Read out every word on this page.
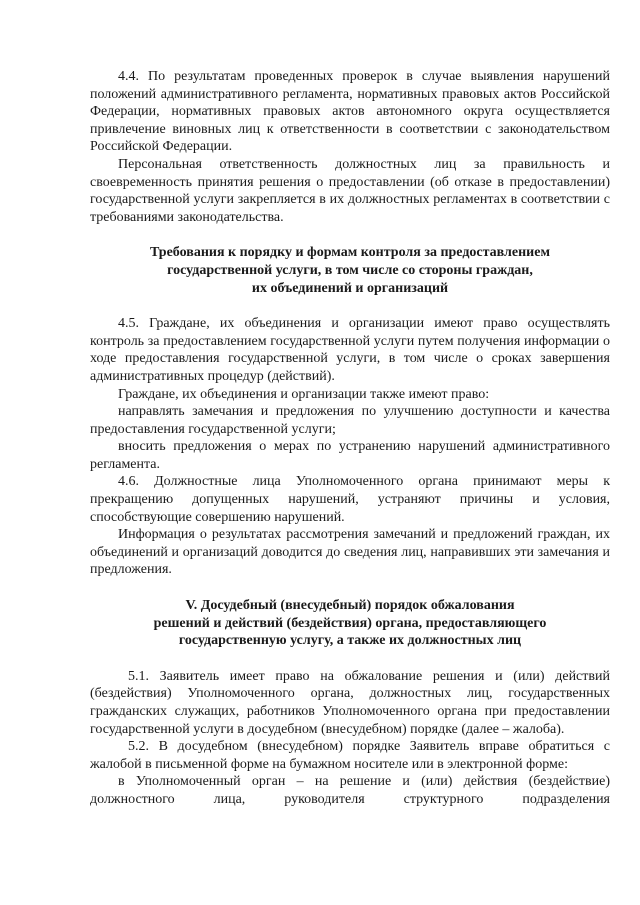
4.4. По результатам проведенных проверок в случае выявления нарушений положений административного регламента, нормативных правовых актов Российской Федерации, нормативных правовых актов автономного округа осуществляется привлечение виновных лиц к ответственности в соответствии с законодательством Российской Федерации.

Персональная ответственность должностных лиц за правильность и своевременность принятия решения о предоставлении (об отказе в предоставлении) государственной услуги закрепляется в их должностных регламентах в соответствии с требованиями законодательства.

Требования к порядку и формам контроля за предоставлением

государственной услуги, в том числе со стороны граждан,

их объединений и организаций

4.5. Граждане, их объединения и организации имеют право осуществлять контроль за предоставлением государственной услуги путем получения информации о ходе предоставления государственной услуги, в том числе о сроках завершения административных процедур (действий).

Граждане, их объединения и организации также имеют право:

направлять замечания и предложения по улучшению доступности и качества предоставления государственной услуги;

вносить предложения о мерах по устранению нарушений административного регламента.

4.6. Должностные лица Уполномоченного органа принимают меры к прекращению допущенных нарушений, устраняют причины и условия, способствующие совершению нарушений.

Информация о результатах рассмотрения замечаний и предложений граждан, их объединений и организаций доводится до сведения лиц, направивших эти замечания и предложения.

V. Досудебный (внесудебный) порядок обжалования

решений и действий (бездействия) органа, предоставляющего

государственную услугу, а также их должностных лиц

5.1. Заявитель имеет право на обжалование решения и (или) действий (бездействия) Уполномоченного органа, должностных лиц, государственных гражданских служащих, работников Уполномоченного органа при предоставлении государственной услуги в досудебном (внесудебном) порядке (далее – жалоба).

5.2. В досудебном (внесудебном) порядке Заявитель вправе обратиться с жалобой в письменной форме на бумажном носителе или в электронной форме:

в Уполномоченный орган – на решение и (или) действия (бездействие) должностного лица, руководителя структурного подразделения
